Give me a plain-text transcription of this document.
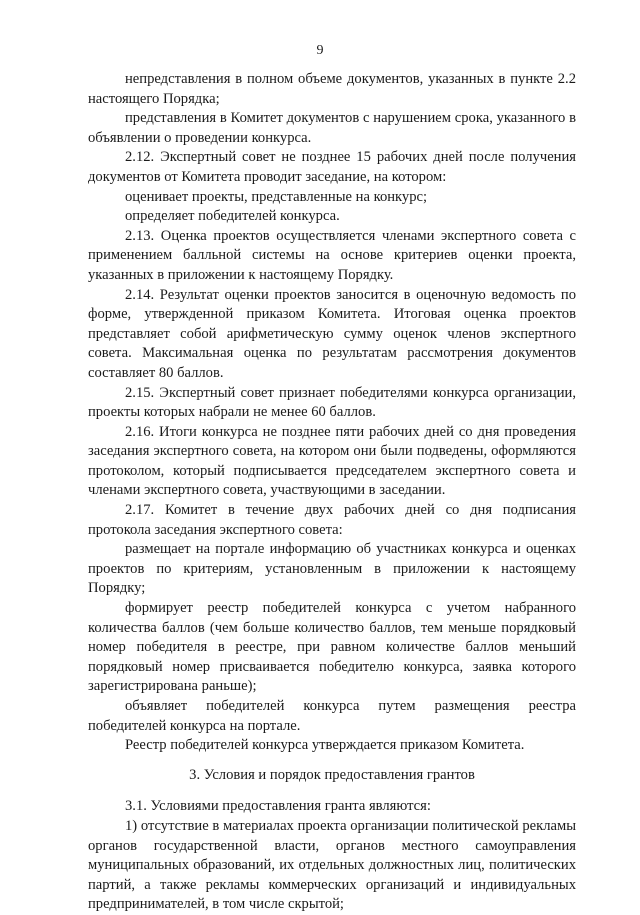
9

непредставления в полном объеме документов, указанных в пункте 2.2 настоящего Порядка;

представления в Комитет документов с нарушением срока, указанного в объявлении о проведении конкурса.

2.12. Экспертный совет не позднее 15 рабочих дней после получения документов от Комитета проводит заседание, на котором:

оценивает проекты, представленные на конкурс;

определяет победителей конкурса.

2.13. Оценка проектов осуществляется членами экспертного совета с применением балльной системы на основе критериев оценки проекта, указанных в приложении к настоящему Порядку.

2.14. Результат оценки проектов заносится в оценочную ведомость по форме, утвержденной приказом Комитета. Итоговая оценка проектов представляет собой арифметическую сумму оценок членов экспертного совета. Максимальная оценка по результатам рассмотрения документов составляет 80 баллов.

2.15. Экспертный совет признает победителями конкурса организации, проекты которых набрали не менее 60 баллов.

2.16. Итоги конкурса не позднее пяти рабочих дней со дня проведения заседания экспертного совета, на котором они были подведены, оформляются протоколом, который подписывается председателем экспертного совета и членами экспертного совета, участвующими в заседании.

2.17. Комитет в течение двух рабочих дней со дня подписания протокола заседания экспертного совета:

размещает на портале информацию об участниках конкурса и оценках проектов по критериям, установленным в приложении к настоящему Порядку;

формирует реестр победителей конкурса с учетом набранного количества баллов (чем больше количество баллов, тем меньше порядковый номер победителя в реестре, при равном количестве баллов меньший порядковый номер присваивается победителю конкурса, заявка которого зарегистрирована раньше);

объявляет победителей конкурса путем размещения реестра победителей конкурса на портале.

Реестр победителей конкурса утверждается приказом Комитета.

3. Условия и порядок предоставления грантов

3.1. Условиями предоставления гранта являются:

1) отсутствие в материалах проекта организации политической рекламы органов государственной власти, органов местного самоуправления муниципальных образований, их отдельных должностных лиц, политических партий, а также рекламы коммерческих организаций и индивидуальных предпринимателей, в том числе скрытой;
